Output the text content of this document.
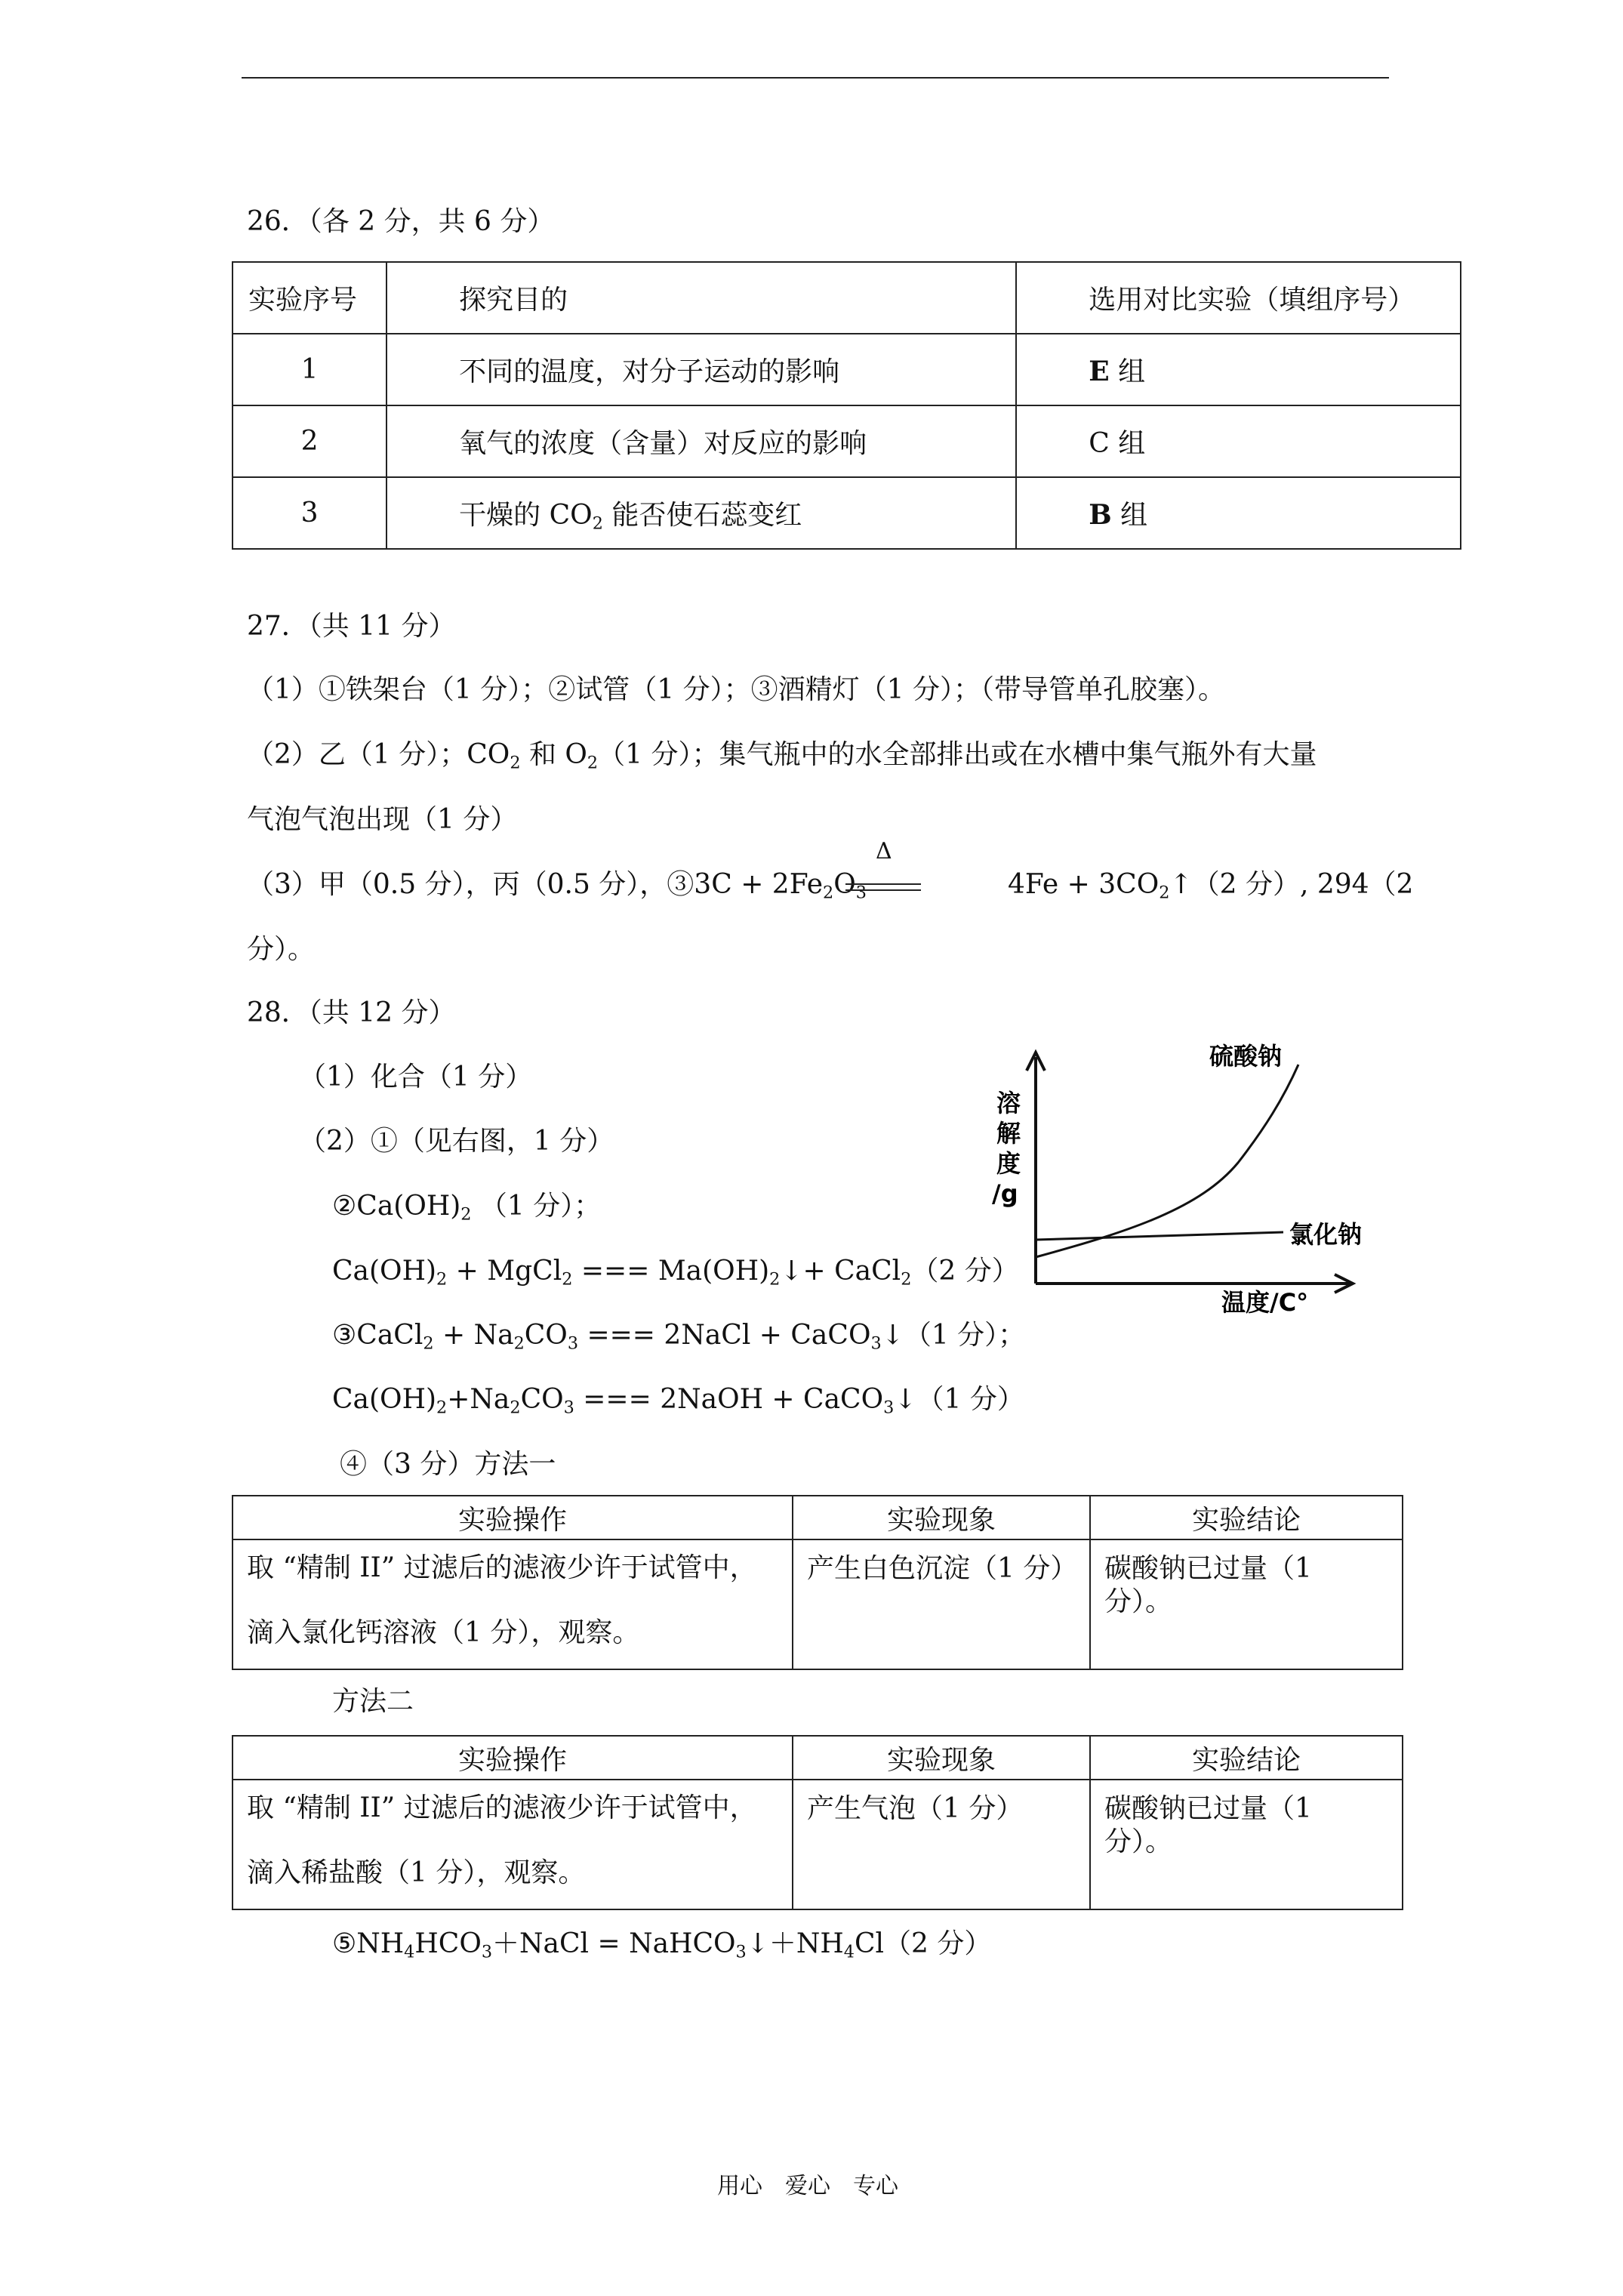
26．（各 2 分，共 6 分）
实验序号	探究目的	选用对比实验（填组序号）
1	不同的温度，对分子运动的影响	E 组
2	氧气的浓度（含量）对反应的影响	C 组
3	干燥的 $CO_2$ 能否使石蕊变红	B 组
27．（共 11 分）
（1）①铁架台（1 分）；②试管（1 分）；③酒精灯（1 分）；（带导管单孔胶塞）。
（2）乙（1 分）；$CO_2$ 和 $O_2(1$ 分）；集气瓶中的水全部排出或在水槽中集气瓶外有大量
气泡气泡出现（1 分）
（3）甲（0.5 分），丙（0.5 分），③3C + $2Fe_2O_3$
Δ
$4Fe + 3CO_2↑(2$ 分）, 294（2
分）。
28．（共 12 分）
（1）化合（1 分）
（2）①（见右图，1 分）
$②Ca(OH)_2$ （1 分）；
$Ca(OH)_2$ + MgCl$_2$ === $Ma(OH)_2↓+$ CaCl$_2$（2 分）
③CaCl$_2$ + $Na_2CO_3$ === 2NaCl + CaCO$_3$↓（1 分）；
$Ca(OH)_2+Na_2CO_3$ === 2NaOH + CaCO$_3$↓（1 分）
④（3 分）方法一
溶
解
度
/g
温度/C°
硫酸钠
氯化钠
实验操作	实验现象	实验结论

取 “精制 II” 过滤后的滤液少许于试管中，滴入氯化钙溶液（1 分），观察。	产生白色沉淀（1 分）	碳酸钠已过量（1 分）。
方法二
实验操作	实验现象	实验结论

取 “精制 II” 过滤后的滤液少许于试管中，滴入稀盐酸（1 分），观察。	产生气泡（1 分）	碳酸钠已过量（1 分）。
$⑤NH_4HCO_3+NaCl$ = $NaHCO_3↓+NH_4Cl(2$ 分）
用心　爱心　专心
